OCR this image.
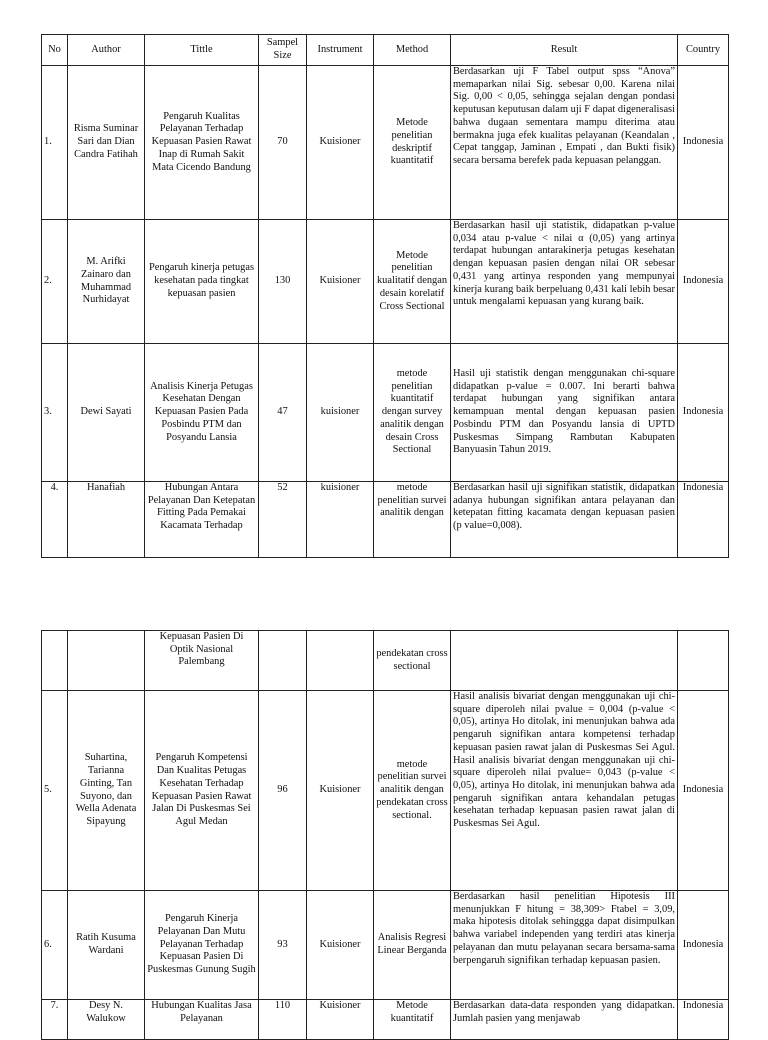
No	Author	Tittle	Sampel Size	Instrument	Method	Result	Country
1.	Risma Suminar Sari dan Dian Candra Fatihah	Pengaruh Kualitas Pelayanan Terhadap Kepuasan Pasien Rawat Inap di Rumah Sakit Mata Cicendo Bandung	70	Kuisioner	Metode penelitian deskriptif kuantitatif	Berdasarkan uji F Tabel output spss “Anova” memaparkan nilai Sig. sebesar 0,00. Karena nilai Sig. 0,00 < 0,05, sehingga sejalan dengan pondasi keputusan keputusan dalam uji F dapat digeneralisasi bahwa dugaan sementara mampu diterima atau bermakna juga efek kualitas pelayanan (Keandalan , Cepat tanggap, Jaminan , Empati , dan Bukti fisik) secara bersama berefek pada kepuasan pelanggan.	Indonesia
2.	M. Arifki Zainaro dan Muhammad Nurhidayat	Pengaruh kinerja petugas kesehatan pada tingkat kepuasan pasien	130	Kuisioner	Metode penelitian kualitatif dengan desain korelatif Cross Sectional	Berdasarkan hasil uji statistik, didapatkan p-value 0,034 atau p-value < nilai α (0,05) yang artinya terdapat hubungan antarakinerja petugas kesehatan dengan kepuasan pasien dengan nilai OR sebesar 0,431 yang artinya responden yang mempunyai kinerja kurang baik berpeluang 0,431 kali lebih besar untuk mengalami kepuasan yang kurang baik.	Indonesia
3.	Dewi Sayati	Analisis Kinerja Petugas Kesehatan Dengan Kepuasan Pasien Pada Posbindu PTM dan Posyandu Lansia	47	kuisioner	metode penelitian kuantitatif dengan survey analitik dengan desain Cross Sectional	Hasil uji statistik dengan menggunakan chi-square didapatkan p-value = 0.007. Ini berarti bahwa terdapat hubungan yang signifikan antara kemampuan mental dengan kepuasan pasien Posbindu PTM dan Posyandu lansia di UPTD Puskesmas Simpang Rambutan Kabupaten Banyuasin Tahun 2019.	Indonesia
4.	Hanafiah	Hubungan Antara Pelayanan Dan Ketepatan Fitting Pada Pemakai Kacamata Terhadap	52	kuisioner	metode penelitian survei analitik dengan	Berdasarkan hasil uji signifikan statistik, didapatkan adanya hubungan signifikan antara pelayanan dan ketepatan fitting kacamata dengan kepuasan pasien (p value=0,008).	Indonesia
		Kepuasan Pasien Di Optik Nasional Palembang			pendekatan cross sectional		
5.	Suhartina, Tarianna Ginting, Tan Suyono, dan Wella Adenata Sipayung	Pengaruh Kompetensi Dan Kualitas Petugas Kesehatan Terhadap Kepuasan Pasien Rawat Jalan Di Puskesmas Sei Agul Medan	96	Kuisioner	metode penelitian survei analitik dengan pendekatan cross sectional.	Hasil analisis bivariat dengan menggunakan uji chi-square diperoleh nilai pvalue = 0,004 (p-value < 0,05), artinya Ho ditolak, ini menunjukan bahwa ada pengaruh signifikan antara kompetensi terhadap kepuasan pasien rawat jalan di Puskesmas Sei Agul. Hasil analisis bivariat dengan menggunakan uji chi-square diperoleh nilai pvalue= 0,043 (p-value < 0,05), artinya Ho ditolak, ini menunjukan bahwa ada pengaruh signifikan antara kehandalan petugas kesehatan terhadap kepuasan pasien rawat jalan di Puskesmas Sei Agul.	Indonesia
6.	Ratih Kusuma Wardani	Pengaruh Kinerja Pelayanan Dan Mutu Pelayanan Terhadap Kepuasan Pasien Di Puskesmas Gunung Sugih	93	Kuisioner	Analisis Regresi Linear Berganda	Berdasarkan hasil penelitian Hipotesis III menunjukkan F hitung = 38,309> Ftabel = 3,09, maka hipotesis ditolak sehinggga dapat disimpulkan bahwa variabel independen yang terdiri atas kinerja pelayanan dan mutu pelayanan secara bersama-sama berpengaruh signifikan terhadap kepuasan pasien.	Indonesia
7.	Desy N. Walukow	Hubungan Kualitas Jasa Pelayanan	110	Kuisioner	Metode kuantitatif	Berdasarkan data-data responden yang didapatkan. Jumlah pasien yang menjawab	Indonesia
